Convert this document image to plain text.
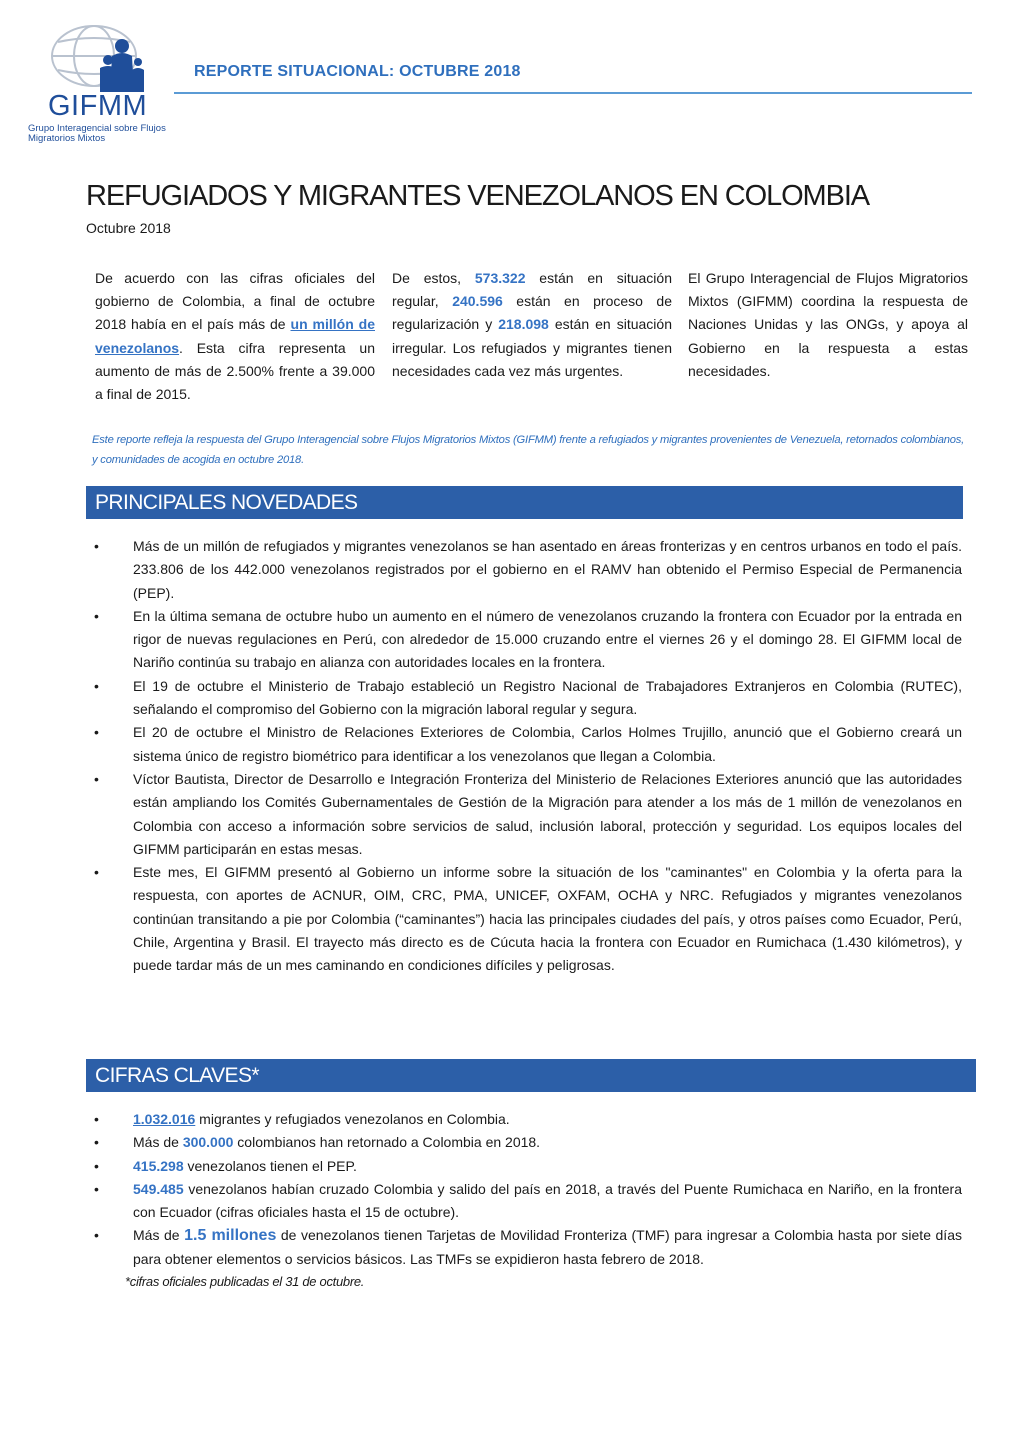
GIFMM
Grupo Interagencial sobre Flujos Migratorios Mixtos
REPORTE SITUACIONAL: OCTUBRE 2018
REFUGIADOS Y MIGRANTES VENEZOLANOS EN COLOMBIA
Octubre 2018
De acuerdo con las cifras oficiales del gobierno de Colombia, a final de octubre 2018 había en el país más de un millón de venezolanos. Esta cifra representa un aumento de más de 2.500% frente a 39.000 a final de 2015.
De estos, 573.322 están en situación regular, 240.596 están en proceso de regularización y 218.098 están en situación irregular. Los refugiados y migrantes tienen necesidades cada vez más urgentes.
El Grupo Interagencial de Flujos Migratorios Mixtos (GIFMM) coordina la respuesta de Naciones Unidas y las ONGs, y apoya al Gobierno en la respuesta a estas necesidades.
Este reporte refleja la respuesta del Grupo Interagencial sobre Flujos Migratorios Mixtos (GIFMM) frente a refugiados y migrantes provenientes de Venezuela, retornados colombianos, y comunidades de acogida en octubre 2018.
PRINCIPALES NOVEDADES
• Más de un millón de refugiados y migrantes venezolanos se han asentado en áreas fronterizas y en centros urbanos en todo el país. 233.806 de los 442.000 venezolanos registrados por el gobierno en el RAMV han obtenido el Permiso Especial de Permanencia (PEP).
• En la última semana de octubre hubo un aumento en el número de venezolanos cruzando la frontera con Ecuador por la entrada en rigor de nuevas regulaciones en Perú, con alrededor de 15.000 cruzando entre el viernes 26 y el domingo 28. El GIFMM local de Nariño continúa su trabajo en alianza con autoridades locales en la frontera.
• El 19 de octubre el Ministerio de Trabajo estableció un Registro Nacional de Trabajadores Extranjeros en Colombia (RUTEC), señalando el compromiso del Gobierno con la migración laboral regular y segura.
• El 20 de octubre el Ministro de Relaciones Exteriores de Colombia, Carlos Holmes Trujillo, anunció que el Gobierno creará un sistema único de registro biométrico para identificar a los venezolanos que llegan a Colombia.
• Víctor Bautista, Director de Desarrollo e Integración Fronteriza del Ministerio de Relaciones Exteriores anunció que las autoridades están ampliando los Comités Gubernamentales de Gestión de la Migración para atender a los más de 1 millón de venezolanos en Colombia con acceso a información sobre servicios de salud, inclusión laboral, protección y seguridad. Los equipos locales del GIFMM participarán en estas mesas.
• Este mes, El GIFMM presentó al Gobierno un informe sobre la situación de los "caminantes" en Colombia y la oferta para la respuesta, con aportes de ACNUR, OIM, CRC, PMA, UNICEF, OXFAM, OCHA y NRC. Refugiados y migrantes venezolanos continúan transitando a pie por Colombia (“caminantes”) hacia las principales ciudades del país, y otros países como Ecuador, Perú, Chile, Argentina y Brasil. El trayecto más directo es de Cúcuta hacia la frontera con Ecuador en Rumichaca (1.430 kilómetros), y puede tardar más de un mes caminando en condiciones difíciles y peligrosas.
CIFRAS CLAVES*
• 1.032.016 migrantes y refugiados venezolanos en Colombia.
• Más de 300.000 colombianos han retornado a Colombia en 2018.
• 415.298 venezolanos tienen el PEP.
• 549.485 venezolanos habían cruzado Colombia y salido del país en 2018, a través del Puente Rumichaca en Nariño, en la frontera con Ecuador (cifras oficiales hasta el 15 de octubre).
• Más de 1.5 millones de venezolanos tienen Tarjetas de Movilidad Fronteriza (TMF) para ingresar a Colombia hasta por siete días para obtener elementos o servicios básicos. Las TMFs se expidieron hasta febrero de 2018.
*cifras oficiales publicadas el 31 de octubre.
